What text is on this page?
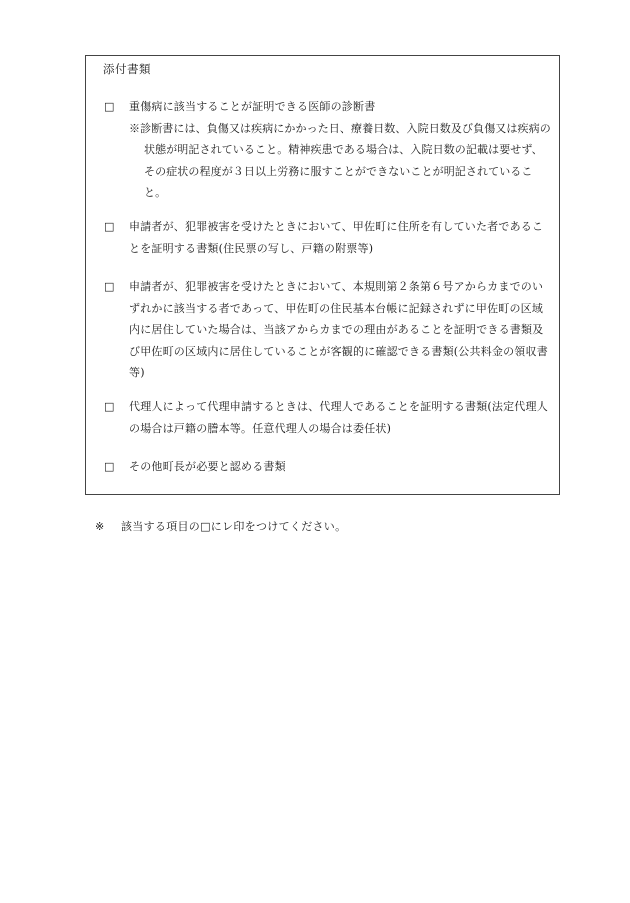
添付書類
□	重傷病に該当することが証明できる医師の診断書
※診断書には、負傷又は疾病にかかった日、療養日数、入院日数及び負傷又は疾病の状態が明記されていること。精神疾患である場合は、入院日数の記載は要せず、その症状の程度が３日以上労務に服すことができないことが明記されていること。
□	申請者が、犯罪被害を受けたときにおいて、甲佐町に住所を有していた者であることを証明する書類(住民票の写し、戸籍の附票等)
□	申請者が、犯罪被害を受けたときにおいて、本規則第２条第６号アからカまでのいずれかに該当する者であって、甲佐町の住民基本台帳に記録されずに甲佐町の区域内に居住していた場合は、当該アからカまでの理由があることを証明できる書類及び甲佐町の区域内に居住していることが客観的に確認できる書類(公共料金の領収書等)
□	代理人によって代理申請するときは、代理人であることを証明する書類(法定代理人の場合は戸籍の謄本等。任意代理人の場合は委任状)
□	その他町長が必要と認める書類
※ 該当する項目の□にレ印をつけてください。
